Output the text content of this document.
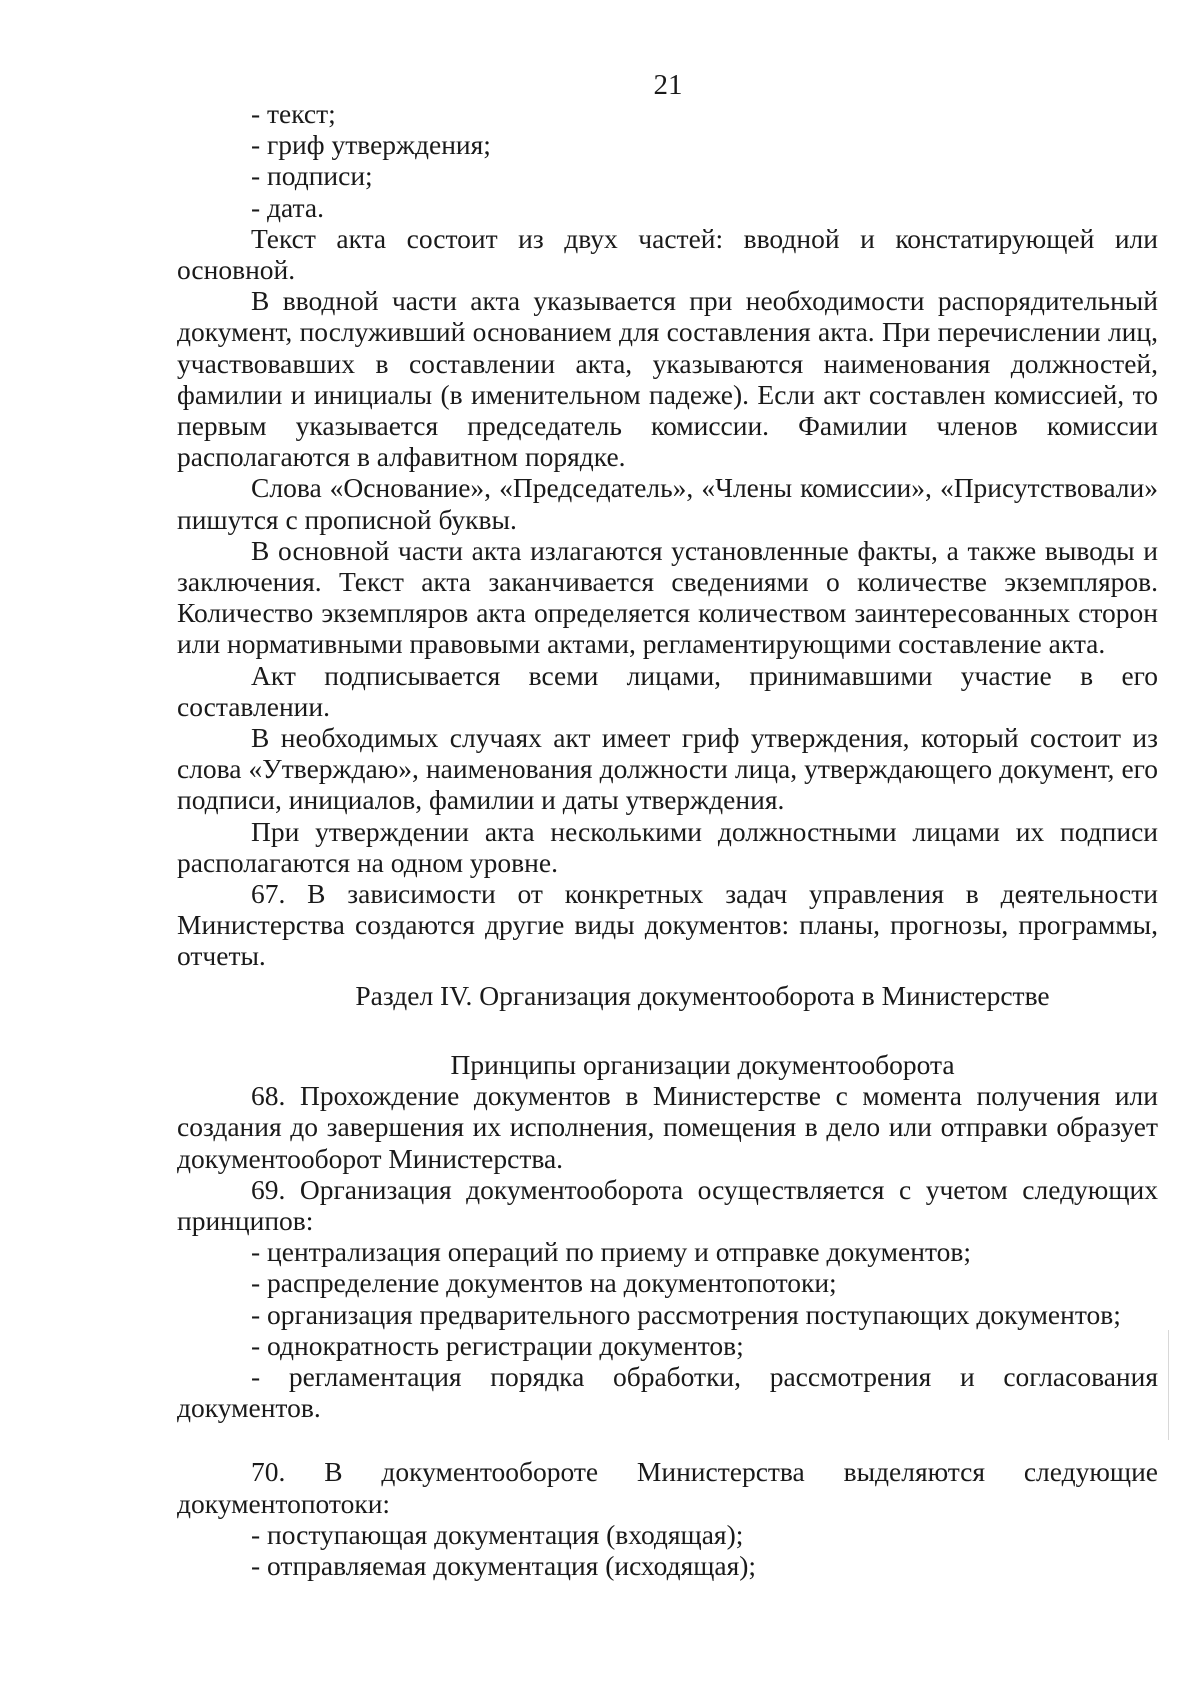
21

- текст;

- гриф утверждения;

- подписи;

- дата.

Текст акта состоит из двух частей: вводной и констатирующей или основной.

В вводной части акта указывается при необходимости распорядительный документ, послуживший основанием для составления акта. При перечислении лиц, участвовавших в составлении акта, указываются наименования должностей, фамилии и инициалы (в именительном падеже). Если акт составлен комиссией, то первым указывается председатель комиссии. Фамилии членов комиссии располагаются в алфавитном порядке.

Слова «Основание», «Председатель», «Члены комиссии», «Присутствовали» пишутся с прописной буквы.

В основной части акта излагаются установленные факты, а также выводы и заключения. Текст акта заканчивается сведениями о количестве экземпляров. Количество экземпляров акта определяется количеством заинтересованных сторон или нормативными правовыми актами, регламентирующими составление акта.

Акт подписывается всеми лицами, принимавшими участие в его составлении.

В необходимых случаях акт имеет гриф утверждения, который состоит из слова «Утверждаю», наименования должности лица, утверждающего документ, его подписи, инициалов, фамилии и даты утверждения.

При утверждении акта несколькими должностными лицами их подписи располагаются на одном уровне.

67. В зависимости от конкретных задач управления в деятельности Министерства создаются другие виды документов: планы, прогнозы, программы, отчеты.

Раздел IV. Организация документооборота в Министерстве
Принципы организации документооборота

68. Прохождение документов в Министерстве с момента получения или создания до завершения их исполнения, помещения в дело или отправки образует документооборот Министерства.

69. Организация документооборота осуществляется с учетом следующих принципов:

- централизация операций по приему и отправке документов;

- распределение документов на документопотоки;

- организация предварительного рассмотрения поступающих документов;

- однократность регистрации документов;

- регламентация порядка обработки, рассмотрения и согласования документов.

70. В документообороте Министерства выделяются следующие документопотоки:

- поступающая документация (входящая);

- отправляемая документация (исходящая);
